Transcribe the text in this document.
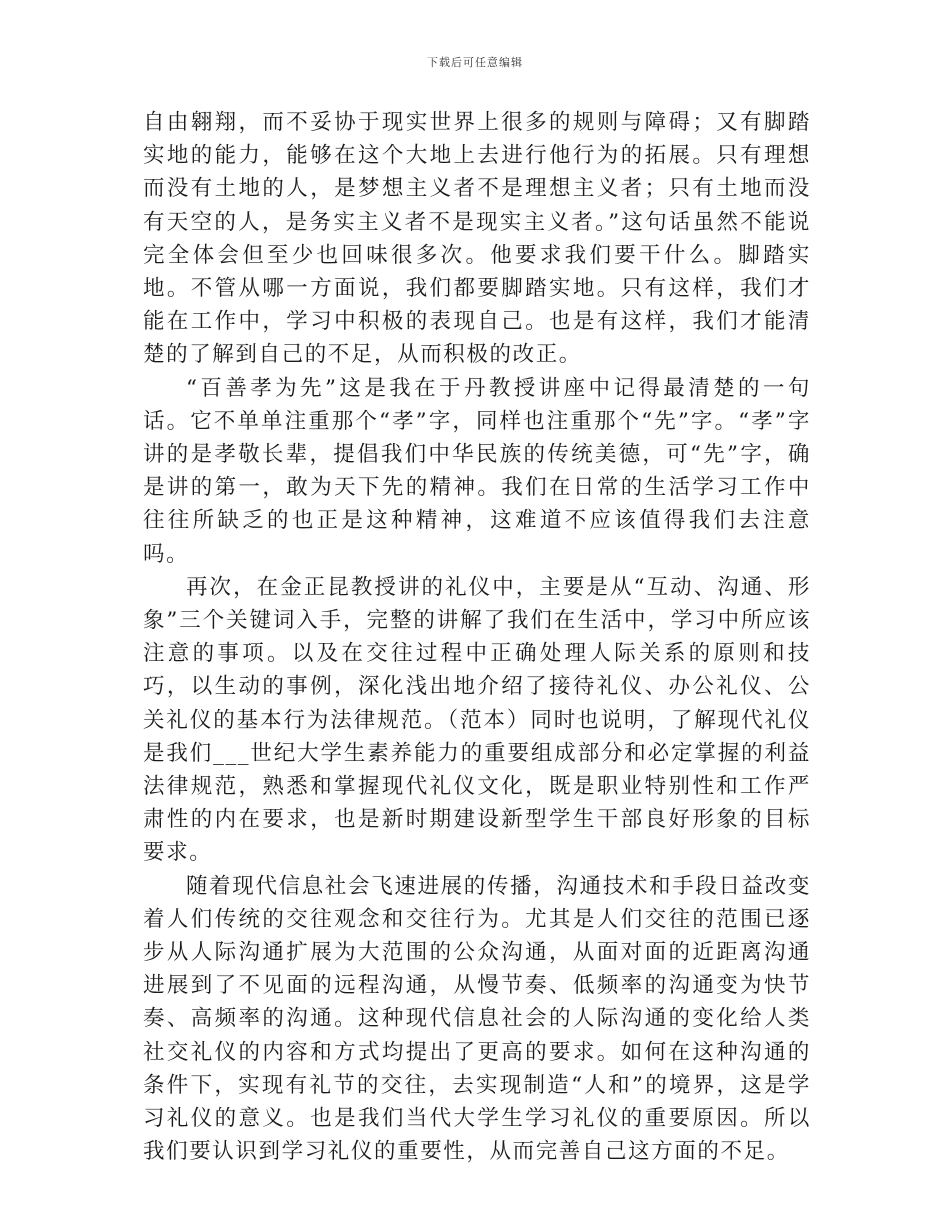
下载后可任意编辑

自由翱翔，而不妥协于现实世界上很多的规则与障碍；又有脚踏实地的能力，能够在这个大地上去进行他行为的拓展。只有理想而没有土地的人，是梦想主义者不是理想主义者；只有土地而没有天空的人，是务实主义者不是现实主义者。”这句话虽然不能说完全体会但至少也回味很多次。他要求我们要干什么。脚踏实地。不管从哪一方面说，我们都要脚踏实地。只有这样，我们才能在工作中，学习中积极的表现自己。也是有这样，我们才能清楚的了解到自己的不足，从而积极的改正。

“百善孝为先”这是我在于丹教授讲座中记得最清楚的一句话。它不单单注重那个“孝”字，同样也注重那个“先”字。“孝”字讲的是孝敬长辈，提倡我们中华民族的传统美德，可“先”字，确是讲的第一，敢为天下先的精神。我们在日常的生活学习工作中往往所缺乏的也正是这种精神，这难道不应该值得我们去注意吗。

再次，在金正昆教授讲的礼仪中，主要是从“互动、沟通、形象”三个关键词入手，完整的讲解了我们在生活中，学习中所应该注意的事项。以及在交往过程中正确处理人际关系的原则和技巧，以生动的事例，深化浅出地介绍了接待礼仪、办公礼仪、公关礼仪的基本行为法律规范。（范本）同时也说明，了解现代礼仪是我们___世纪大学生素养能力的重要组成部分和必定掌握的利益法律规范，熟悉和掌握现代礼仪文化，既是职业特别性和工作严肃性的内在要求，也是新时期建设新型学生干部良好形象的目标要求。

随着现代信息社会飞速进展的传播，沟通技术和手段日益改变着人们传统的交往观念和交往行为。尤其是人们交往的范围已逐步从人际沟通扩展为大范围的公众沟通，从面对面的近距离沟通进展到了不见面的远程沟通，从慢节奏、低频率的沟通变为快节奏、高频率的沟通。这种现代信息社会的人际沟通的变化给人类社交礼仪的内容和方式均提出了更高的要求。如何在这种沟通的条件下，实现有礼节的交往，去实现制造“人和”的境界，这是学习礼仪的意义。也是我们当代大学生学习礼仪的重要原因。所以我们要认识到学习礼仪的重要性，从而完善自己这方面的不足。
